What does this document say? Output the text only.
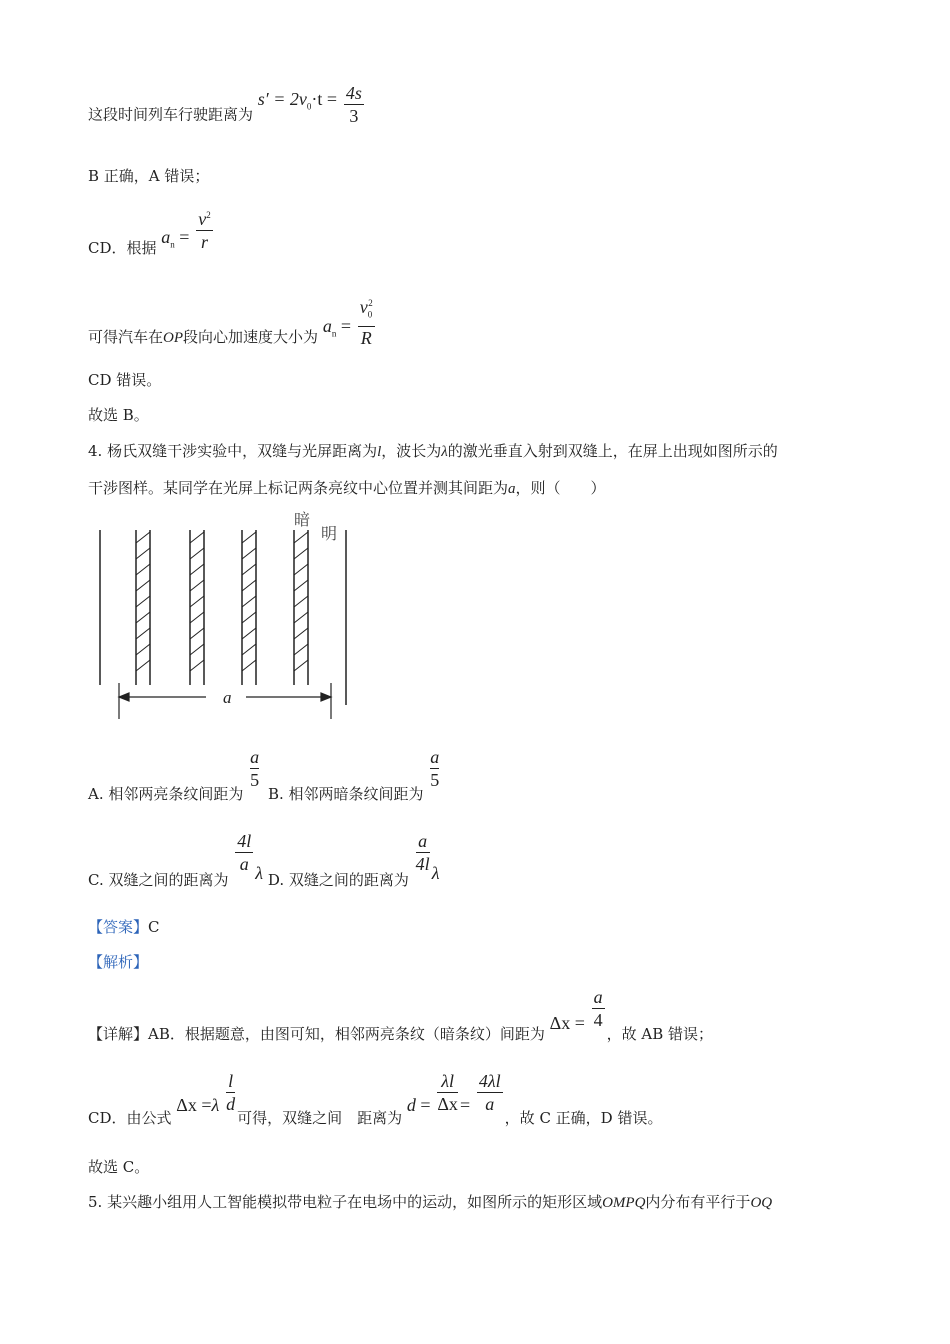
这段时间列车行驶距离为 $s' = 2v_0\cdot t = \frac{4s}{3}$
B 正确，A 错误；
CD．根据 $a_n = \frac{v^2}{r}$
可得汽车在OP段向心加速度大小为 $a_n = \frac{v_0^2}{R}$
CD 错误。
故选 B。
4. 杨氏双缝干涉实验中，双缝与光屏距离为l，波长为λ的激光垂直入射到双缝上，在屏上出现如图所示的
干涉图样。某同学在光屏上标记两条亮纹中心位置并测其间距为a，则（　　）
暗
明
a
A. 相邻两亮条纹间距为
$\frac{a}{5}$
B. 相邻两暗条纹间距为
$\frac{a}{5}$
C. 双缝之间的距离为
$\frac{4l}{a}$ λ D. 双缝之间的距离为
$\frac{a}{4l}$ λ
【答案】C
【解析】
【详解】AB．根据题意，由图可知，相邻两亮条纹（暗条纹）间距为 $\Delta x = \frac{a}{4}$
，故 AB 错误；
CD．由公式 $\Delta x =\lambda \frac{l}{d}$
可得，双缝之间　距离为 $d = \frac{\lambda l}{\Delta x} = \frac{4\lambda l}{a}$
，故 C 正确，D 错误。
故选 C。
5. 某兴趣小组用人工智能模拟带电粒子在电场中的运动，如图所示的矩形区域OMPQ内分布有平行于OQ
